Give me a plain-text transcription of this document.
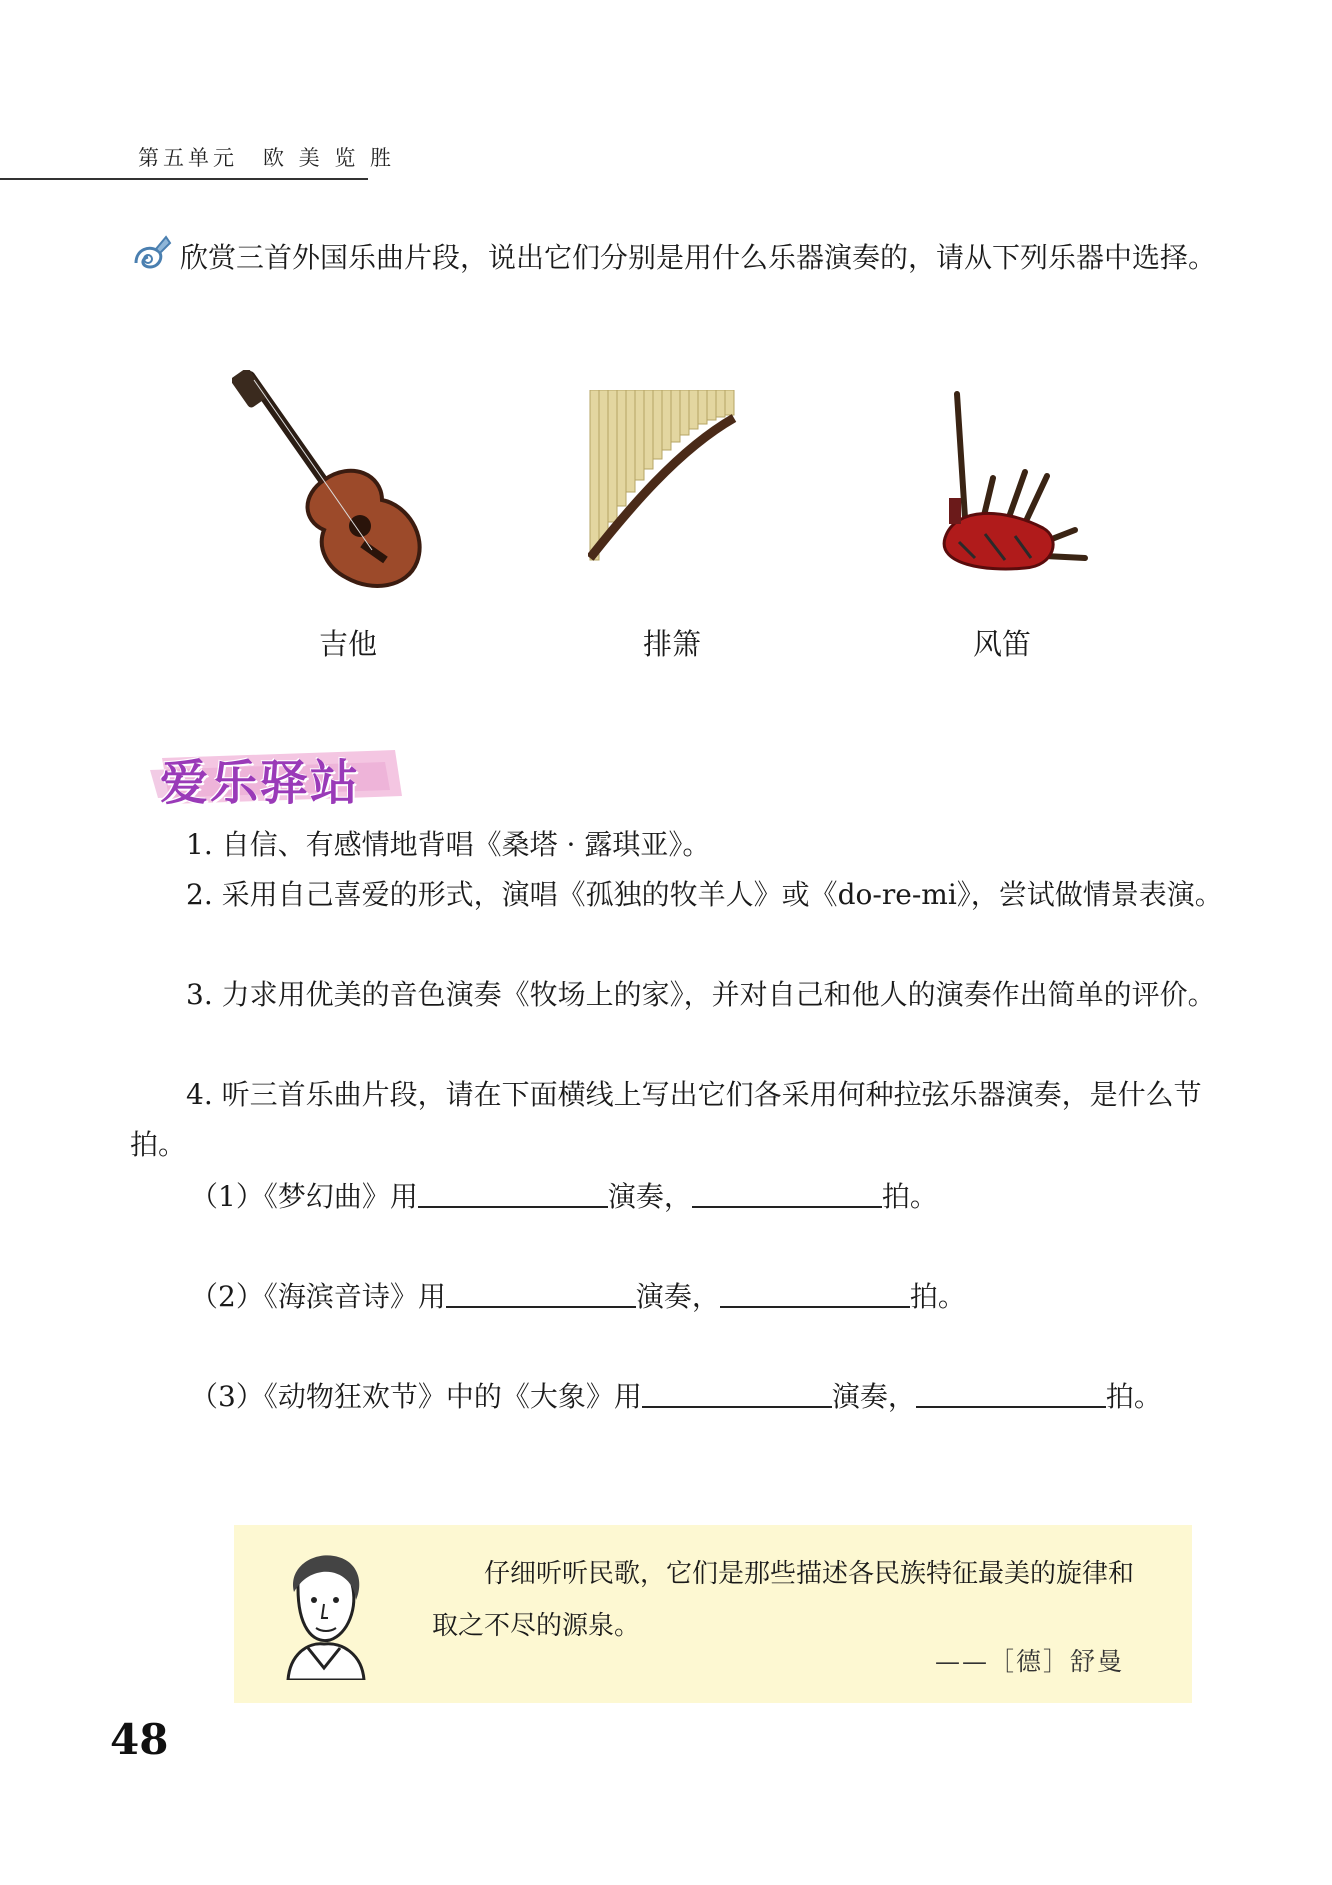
第五单元　欧 美 览 胜
欣赏三首外国乐曲片段，说出它们分别是用什么乐器演奏的，请从下列乐器中选择。
吉他	排箫	风笛
爱乐驿站
1. 自信、有感情地背唱《桑塔 · 露琪亚》。
2. 采用自己喜爱的形式，演唱《孤独的牧羊人》或《do-re-mi》，尝试做情景表演。
3. 力求用优美的音色演奏《牧场上的家》，并对自己和他人的演奏作出简单的评价。
4. 听三首乐曲片段，请在下面横线上写出它们各采用何种拉弦乐器演奏，是什么节拍。
（1）《梦幻曲》用	演奏，	拍。
（2）《海滨音诗》用	演奏，	拍。
（3）《动物狂欢节》中的《大象》用	演奏，	拍。
仔细听听民歌，它们是那些描述各民族特征最美的旋律和取之不尽的源泉。
——［德］舒曼
48
